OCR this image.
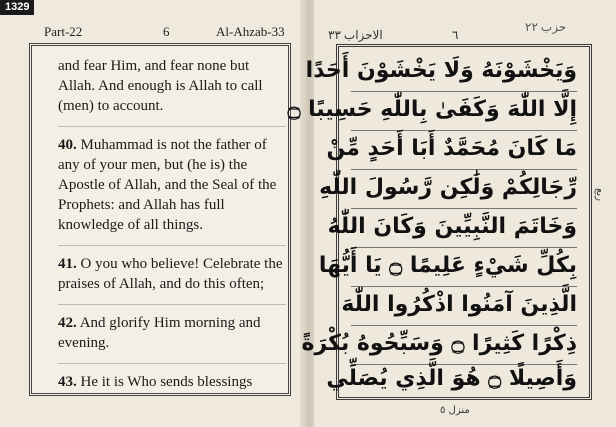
1329
Part-22	6	Al-Ahzab-33

and fear Him, and fear none but Allah. And enough is Allah to call (men) to account.

40. Muhammad is not the father of any of your men, but (he is) the Apostle of Allah, and the Seal of the Prophets: and Allah has full knowledge of all things.

41. O you who believe! Celebrate the praises of Allah, and do this often;

42. And glorify Him morning and evening.

43. He it is Who sends blessings

الاحزاب ٣٣	٦
حزب ٢٢
وَيَخْشَوْنَهُ وَلَا يَخْشَوْنَ أَحَدًا
إِلَّا اللّٰهَ وَكَفَىٰ بِاللّٰهِ حَسِيبًا ۝
مَا كَانَ مُحَمَّدٌ أَبَا أَحَدٍ مِّنْ
رِّجَالِكُمْ وَلَٰكِن رَّسُولَ اللّٰهِ
وَخَاتَمَ النَّبِيِّينَ وَكَانَ اللّٰهُ
بِكُلِّ شَيْءٍ عَلِيمًا ۝ يَا أَيُّهَا
الَّذِينَ آمَنُوا اذْكُرُوا اللّٰهَ
ذِكْرًا كَثِيرًا ۝ وَسَبِّحُوهُ بُكْرَةً
وَأَصِيلًا ۝ هُوَ الَّذِي يُصَلِّي
ربع
منزل ٥
